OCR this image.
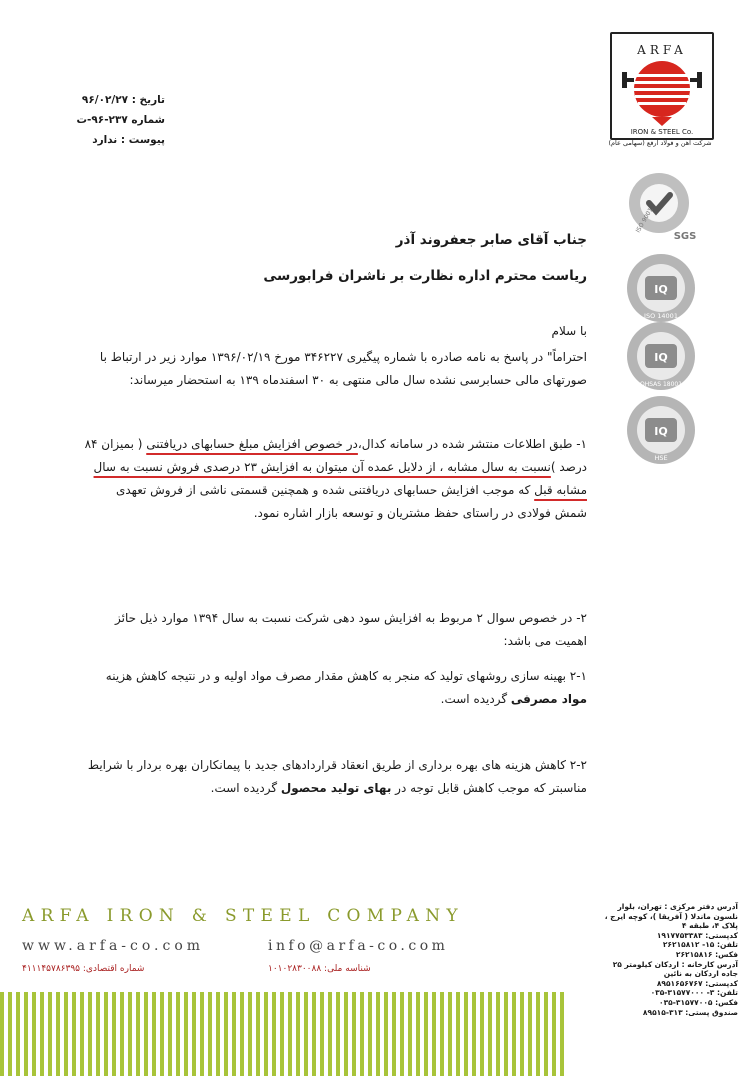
تاریخ : ۹۶/۰۲/۲۷
شماره ۲۳۷-۹۶-ت
پیوست : ندارد
ARFA
IRON & STEEL Co.
شرکت آهن و فولاد ارفع (سهامی عام)
SGS
ISO 9001
IQ
ISO 14001
IQ
OHSAS 18001
IQ
HSE
جناب آقای صابر جعفروند آذر
ریاست محترم اداره نظارت بر ناشران فرابورسی
با سلام
احتراماً" در پاسخ به نامه صادره با شماره پیگیری ۳۴۶۲۲۷ مورخ ۱۳۹۶/۰۲/۱۹ موارد زیر در ارتباط با صورتهای مالی حسابرسی نشده سال مالی منتهی به ۳۰ اسفندماه ۱۳۹ به استحضار میرساند:
۱- طبق اطلاعات منتشر شده در سامانه کدال،در خصوص افزایش مبلغ حسابهای دریافتنی ( بمیزان ۸۴ درصد )نسبت به سال مشابه ، از دلایل عمده آن میتوان به افزایش ۲۳ درصدی فروش نسبت به سال مشابه قبل که موجب افزایش حسابهای دریافتنی شده و همچنین قسمتی ناشی از فروش تعهدی شمش فولادی در راستای حفظ مشتریان و توسعه بازار اشاره نمود.
۲- در خصوص سوال ۲ مربوط به افزایش سود دهی شرکت نسبت به سال ۱۳۹۴ موارد ذیل حائز اهمیت می باشد:
۲-۱ بهینه سازی روشهای تولید که منجر به کاهش مقدار مصرف مواد اولیه و در نتیجه کاهش هزینه مواد مصرفی گردیده است.
۲-۲ کاهش هزینه های بهره برداری از طریق انعقاد قراردادهای جدید با پیمانکاران بهره بردار با شرایط مناسبتر که موجب کاهش قابل توجه در بهای تولید محصول گردیده است.
ARFA IRON & STEEL COMPANY
www.arfa-co.com	info@arfa-co.com
شماره اقتصادی: ۴۱۱۱۴۵۷۸۶۳۹۵	شناسه ملی: ۱۰۱۰۲۸۳۰۰۸۸
آدرس دفتر مرکزی : تهران، بلوار
نلسون ماندلا ( آفریقا )، کوچه ایرج ،
پلاک ۴، طبقه ۴
کدپستی: ۱۹۱۷۷۵۳۳۸۳
تلفن: ۱۵- ۲۶۲۱۵۸۱۲
فکس: ۲۶۲۱۵۸۱۶
آدرس کارخانه : اردکان کیلومتر ۲۵
جاده اردکان به نائین
کدپستی: ۸۹۵۱۶۵۶۷۶۷
تلفن: ۳- ۳۱۵۷۷۰۰۰-۰۳۵
فکس: ۳۱۵۷۷۰۰۵-۰۳۵
صندوق پستی: ۳۱۳-۸۹۵۱۵
